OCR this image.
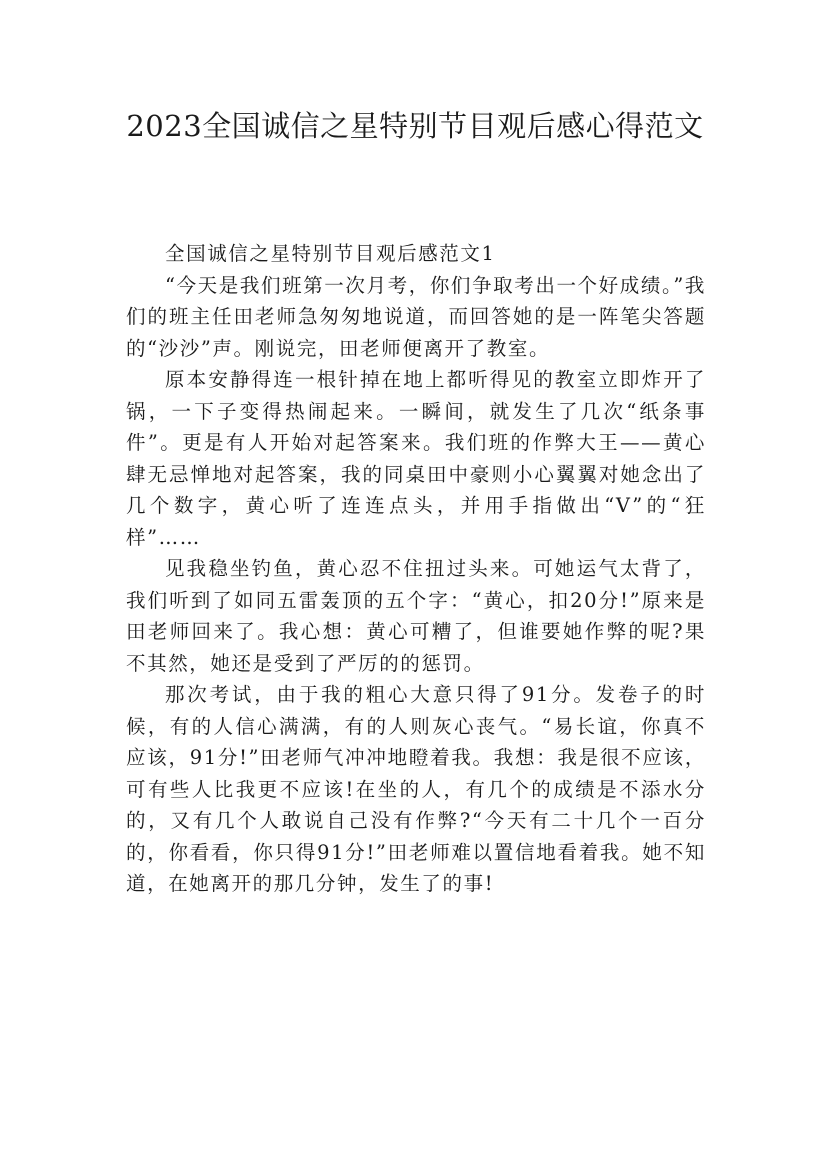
2023全国诚信之星特别节目观后感心得范文

全国诚信之星特别节目观后感范文1

“今天是我们班第一次月考，你们争取考出一个好成绩。”我们的班主任田老师急匆匆地说道，而回答她的是一阵笔尖答题的“沙沙”声。刚说完，田老师便离开了教室。

原本安静得连一根针掉在地上都听得见的教室立即炸开了锅，一下子变得热闹起来。一瞬间，就发生了几次“纸条事件”。更是有人开始对起答案来。我们班的作弊大王——黄心肆无忌惮地对起答案，我的同桌田中豪则小心翼翼对她念出了几个数字，黄心听了连连点头，并用手指做出“V”的“狂样”……

见我稳坐钓鱼，黄心忍不住扭过头来。可她运气太背了，我们听到了如同五雷轰顶的五个字：“黄心，扣20分!”原来是田老师回来了。我心想：黄心可糟了，但谁要她作弊的呢?果不其然，她还是受到了严厉的的惩罚。

那次考试，由于我的粗心大意只得了91分。发卷子的时候，有的人信心满满，有的人则灰心丧气。“易长谊，你真不应该，91分!”田老师气冲冲地瞪着我。我想：我是很不应该，可有些人比我更不应该!在坐的人，有几个的成绩是不添水分的，又有几个人敢说自己没有作弊?“今天有二十几个一百分的，你看看，你只得91分!”田老师难以置信地看着我。她不知道，在她离开的那几分钟，发生了的事!
